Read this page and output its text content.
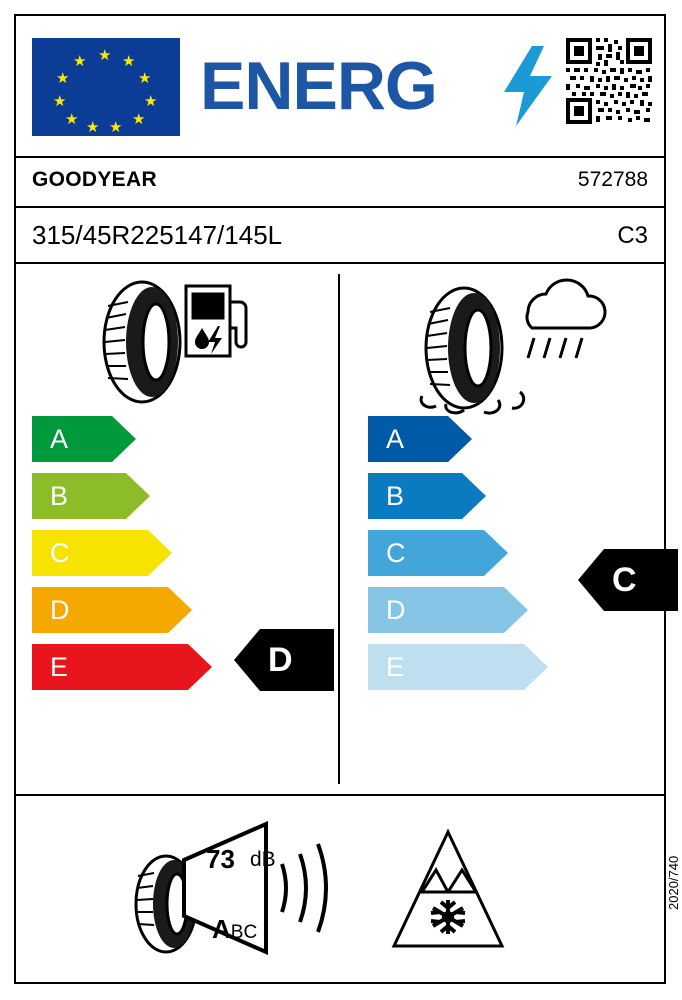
★ ★
★
★
★
★
★
★
★
★
★ ENERG
GOODYEAR	572788
315/45R225147/145L	C3
A
B
C
D
E
A
B
C
D
E
D
C
73 dB
ABC
2020/740
